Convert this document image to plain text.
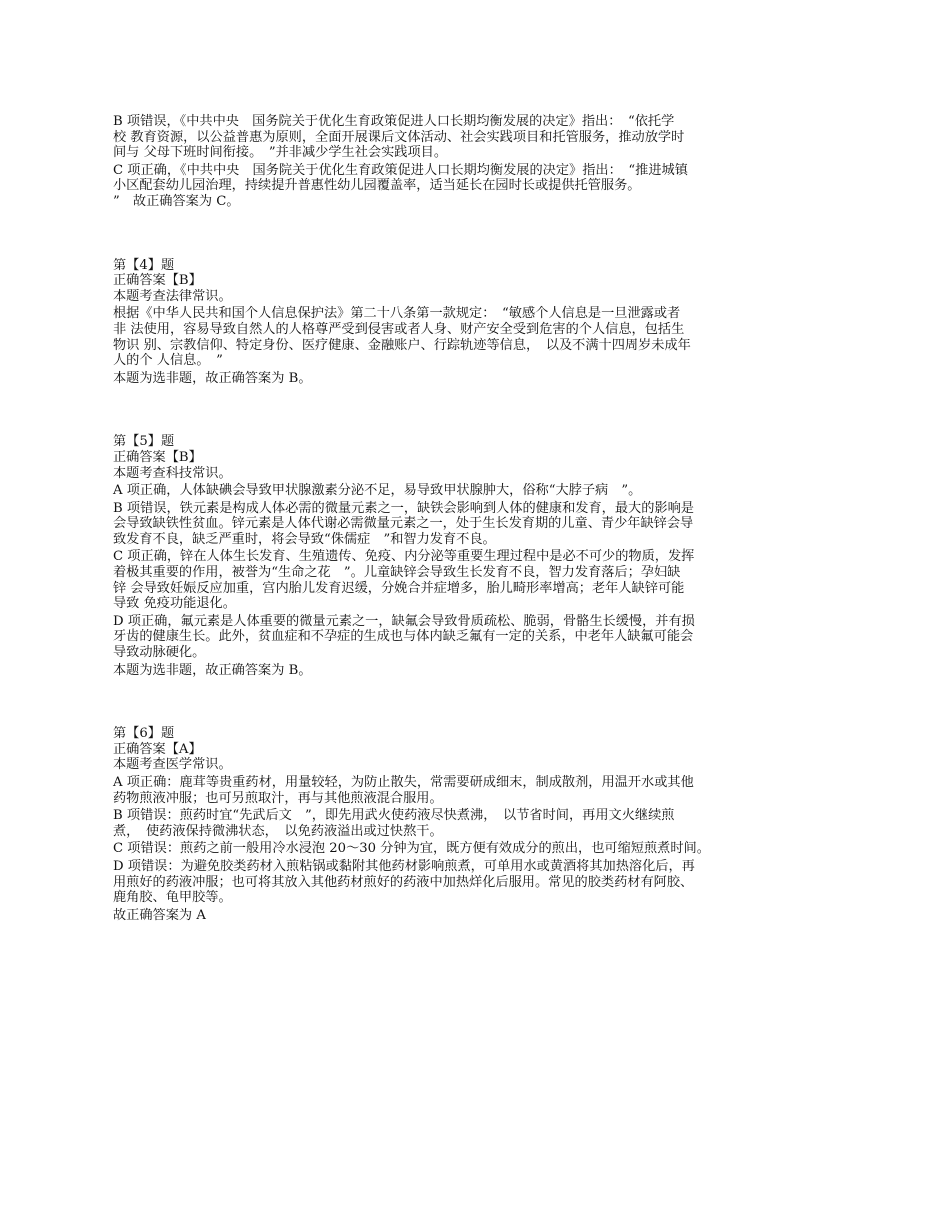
B 项错误，《中共中央　国务院关于优化生育政策促进人口长期均衡发展的决定》指出：　“依托学
校 教育资源，以公益普惠为原则，全面开展课后文体活动、社会实践项目和托管服务，推动放学时
间与 父母下班时间衔接。　”并非减少学生社会实践项目。
C 项正确，《中共中央　国务院关于优化生育政策促进人口长期均衡发展的决定》指出：　“推进城镇
小区配套幼儿园治理，持续提升普惠性幼儿园覆盖率，适当延长在园时长或提供托管服务。
”　故正确答案为 C。
第【4】题
正确答案【B】
本题考查法律常识。
根据《中华人民共和国个人信息保护法》第二十八条第一款规定：　“敏感个人信息是一旦泄露或者
非 法使用，容易导致自然人的人格尊严受到侵害或者人身、财产安全受到危害的个人信息，包括生
物识 别、宗教信仰、特定身份、医疗健康、金融账户、行踪轨迹等信息，　以及不满十四周岁未成年
人的个 人信息。　”
本题为选非题，故正确答案为 B。
第【5】题
正确答案【B】
本题考查科技常识。
A 项正确，人体缺碘会导致甲状腺激素分泌不足，易导致甲状腺肿大，俗称“大脖子病　”。
B 项错误，铁元素是构成人体必需的微量元素之一，缺铁会影响到人体的健康和发育，最大的影响是
会导致缺铁性贫血。锌元素是人体代谢必需微量元素之一，处于生长发育期的儿童、青少年缺锌会导
致发育不良，缺乏严重时，将会导致“侏儒症　”和智力发育不良。
C 项正确，锌在人体生长发育、生殖遗传、免疫、内分泌等重要生理过程中是必不可少的物质，发挥
着极其重要的作用，被誉为“生命之花　”。儿童缺锌会导致生长发育不良，智力发育落后；孕妇缺
锌 会导致妊娠反应加重，宫内胎儿发育迟缓，分娩合并症增多，胎儿畸形率增高；老年人缺锌可能
导致 免疫功能退化。
D 项正确，氟元素是人体重要的微量元素之一，缺氟会导致骨质疏松、脆弱，骨骼生长缓慢，并有损
牙齿的健康生长。此外，贫血症和不孕症的生成也与体内缺乏氟有一定的关系，中老年人缺氟可能会
导致动脉硬化。
本题为选非题，故正确答案为 B。
第【6】题
正确答案【A】
本题考查医学常识。
A 项正确：鹿茸等贵重药材，用量较轻，为防止散失，常需要研成细末，制成散剂，用温开水或其他
药物煎液冲服；也可另煎取汁，再与其他煎液混合服用。
B 项错误：煎药时宜“先武后文　”，即先用武火使药液尽快煮沸，　以节省时间，再用文火继续煎
煮，　使药液保持微沸状态，　以免药液溢出或过快熬干。
C 项错误：煎药之前一般用冷水浸泡 20～30 分钟为宜，既方便有效成分的煎出，也可缩短煎煮时间。
D 项错误：为避免胶类药材入煎粘锅或黏附其他药材影响煎煮，可单用水或黄酒将其加热溶化后，再
用煎好的药液冲服；也可将其放入其他药材煎好的药液中加热烊化后服用。常见的胶类药材有阿胶、
鹿角胶、龟甲胶等。
故正确答案为 A
